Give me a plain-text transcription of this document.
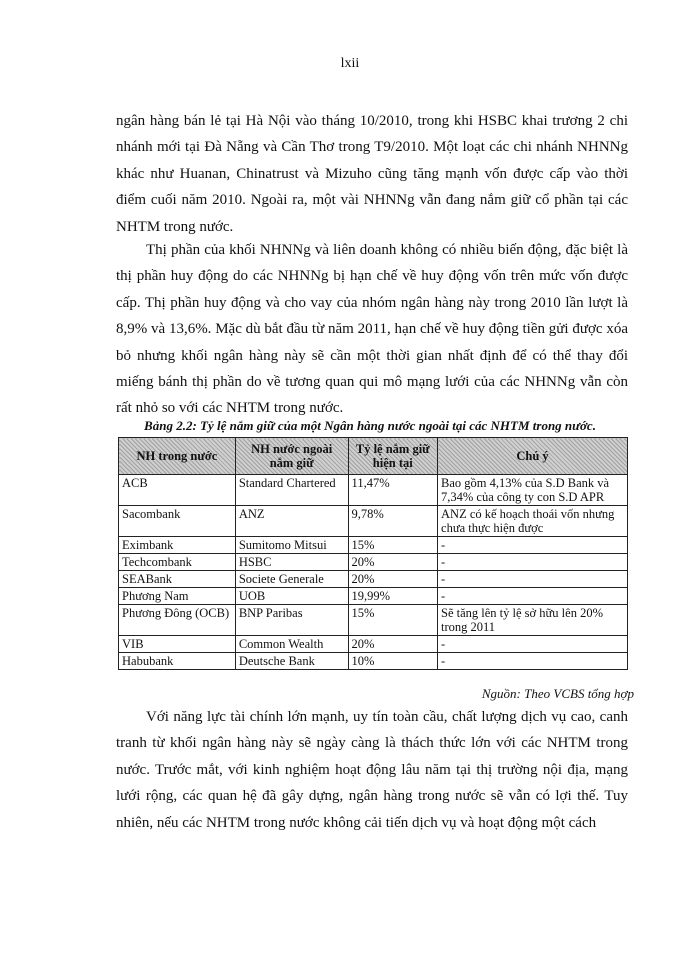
lxii

ngân hàng bán lẻ tại Hà Nội vào tháng 10/2010, trong khi HSBC khai trương 2 chi nhánh mới tại Đà Nẵng và Cần Thơ trong T9/2010. Một loạt các chi nhánh NHNNg khác như Huanan, Chinatrust và Mizuho cũng tăng mạnh vốn được cấp vào thời điểm cuối năm 2010. Ngoài ra, một vài NHNNg vẫn đang nắm giữ cổ phần tại các NHTM trong nước.

Thị phần của khối NHNNg và liên doanh không có nhiều biến động, đặc biệt là thị phần huy động do các NHNNg bị hạn chế về huy động vốn trên mức vốn được cấp. Thị phần huy động và cho vay của nhóm ngân hàng này trong 2010 lần lượt là 8,9% và 13,6%. Mặc dù bắt đầu từ năm 2011, hạn chế về huy động tiền gửi được xóa bỏ nhưng khối ngân hàng này sẽ cần một thời gian nhất định để có thể thay đổi miếng bánh thị phần do về tương quan qui mô mạng lưới của các NHNNg vẫn còn rất nhỏ so với các NHTM trong nước.

Bảng 2.2: Tỷ lệ nắm giữ của một Ngân hàng nước ngoài tại các NHTM trong nước.

NH trong nước	NH nước ngoài nắm giữ	Tỷ lệ nắm giữ hiện tại	Chú ý
ACB	Standard Chartered	11,47%	Bao gồm 4,13% của S.D Bank và 7,34% của công ty con S.D APR
Sacombank	ANZ	9,78%	ANZ có kế hoạch thoái vốn nhưng chưa thực hiện được
Eximbank	Sumitomo Mitsui	15%	-
Techcombank	HSBC	20%	-
SEABank	Societe Generale	20%	-
Phương Nam	UOB	19,99%	-
Phương Đông (OCB)	BNP Paribas	15%	Sẽ tăng lên tỷ lệ sở hữu lên 20% trong 2011
VIB	Common Wealth	20%	-
Habubank	Deutsche Bank	10%	-

Nguồn: Theo VCBS tổng hợp

Với năng lực tài chính lớn mạnh, uy tín toàn cầu, chất lượng dịch vụ cao, canh tranh từ khối ngân hàng này sẽ ngày càng là thách thức lớn với các NHTM trong nước. Trước mắt, với kinh nghiệm hoạt động lâu năm tại thị trường nội địa, mạng lưới rộng, các quan hệ đã gây dựng, ngân hàng trong nước sẽ vẫn có lợi thế. Tuy nhiên, nếu các NHTM trong nước không cải tiến dịch vụ và hoạt động một cách
